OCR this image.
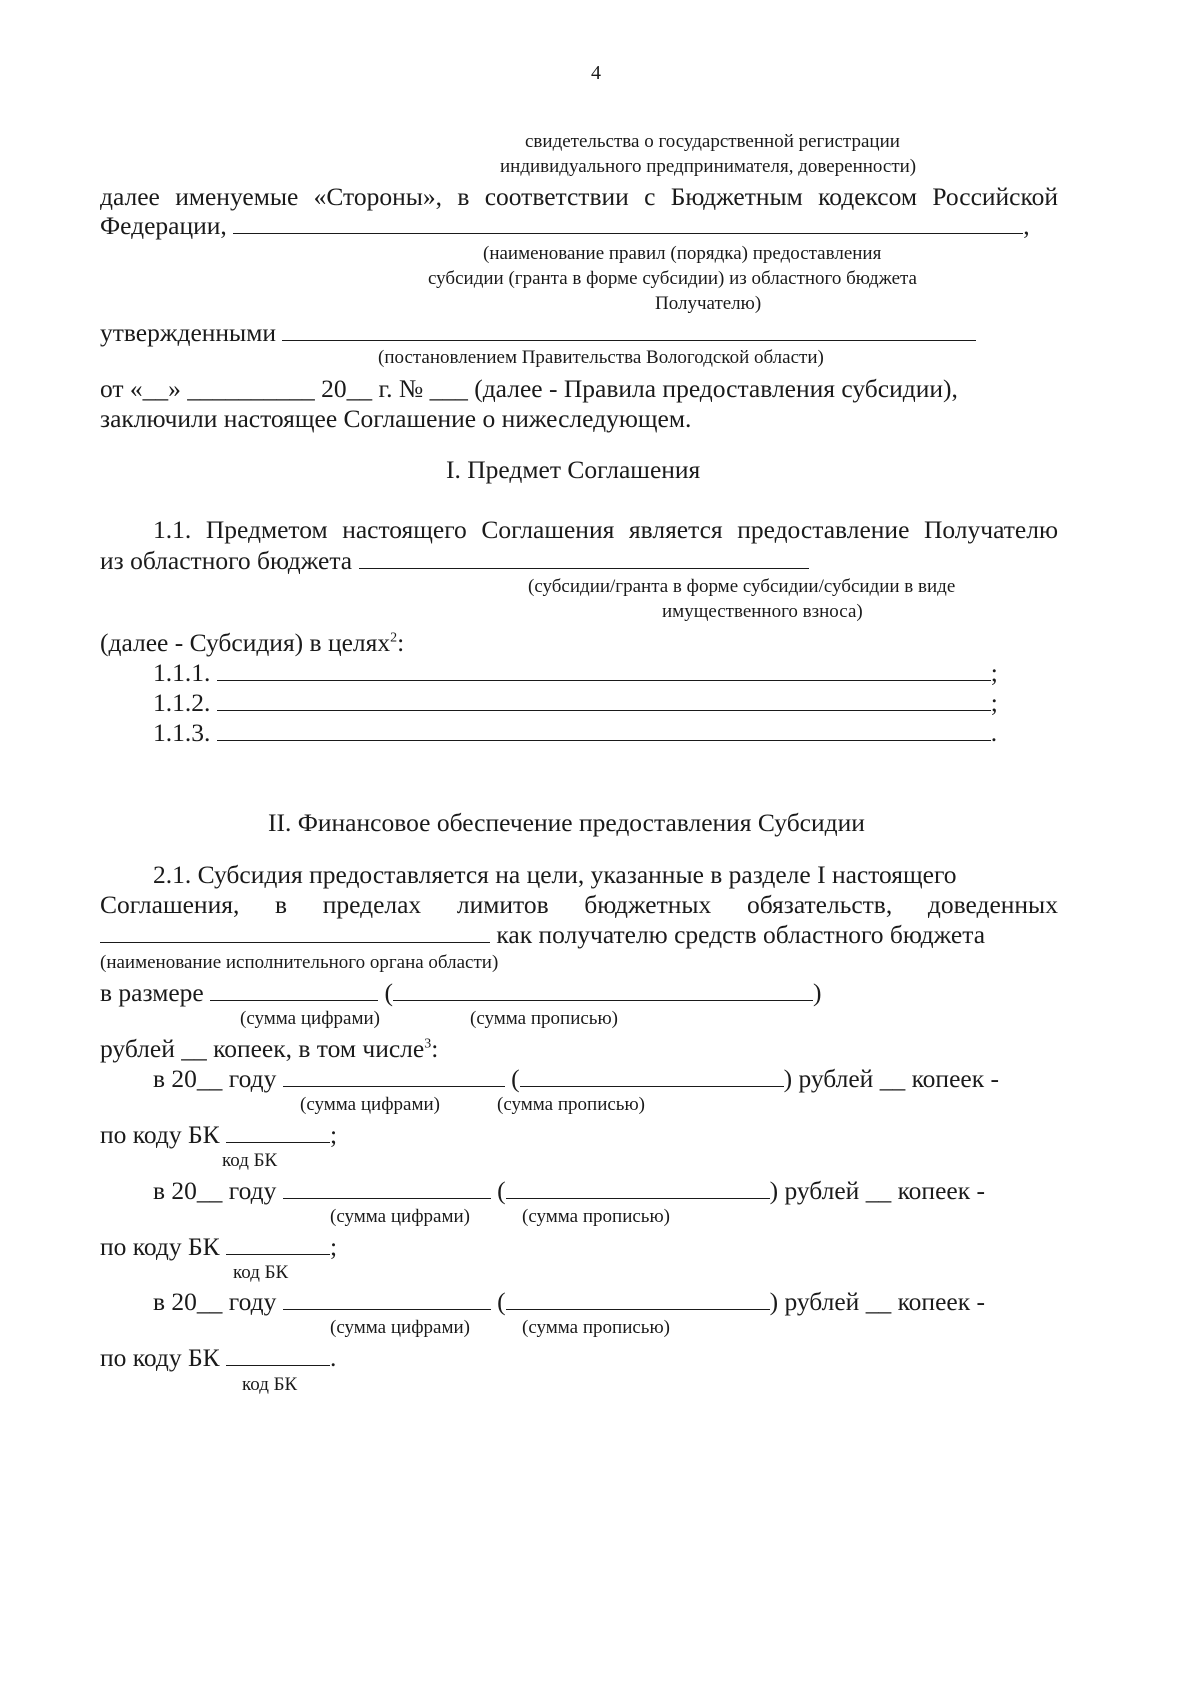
4
свидетельства о государственной регистрации
индивидуального предпринимателя, доверенности)
далее именуемые «Стороны», в соответствии с Бюджетным кодексом Российской
Федерации,	,
(наименование правил (порядка) предоставления
субсидии (гранта в форме субсидии) из областного бюджета
Получателю)
утвержденными
(постановлением Правительства Вологодской области)
от «__» __________ 20__ г. № ___ (далее - Правила предоставления субсидии),
заключили настоящее Соглашение о нижеследующем.
I. Предмет Соглашения
1.1. Предметом настоящего Соглашения является предоставление Получателю
из областного бюджета
(субсидии/гранта в форме субсидии/субсидии в виде
имущественного взноса)
(далее - Субсидия) в целях$^2$:
1.1.1.	;
1.1.2.	;
1.1.3.	.
II. Финансовое обеспечение предоставления Субсидии
2.1. Субсидия предоставляется на цели, указанные в разделе I настоящего
Соглашения, в пределах лимитов бюджетных обязательств, доведенных
как получателю средств областного бюджета
(наименование исполнительного органа области)
в размере	(	)
(сумма цифрами)	(сумма прописью)
рублей __ копеек, в том числе$^3$:
в 20__ году	(	) рублей __ копеек -
(сумма цифрами)	(сумма прописью)
по коду БК	;
код БК
в 20__ году	(	) рублей __ копеек -
(сумма цифрами)	(сумма прописью)
по коду БК	;
код БК
в 20__ году	(	) рублей __ копеек -
(сумма цифрами)	(сумма прописью)
по коду БК	.
код БК
